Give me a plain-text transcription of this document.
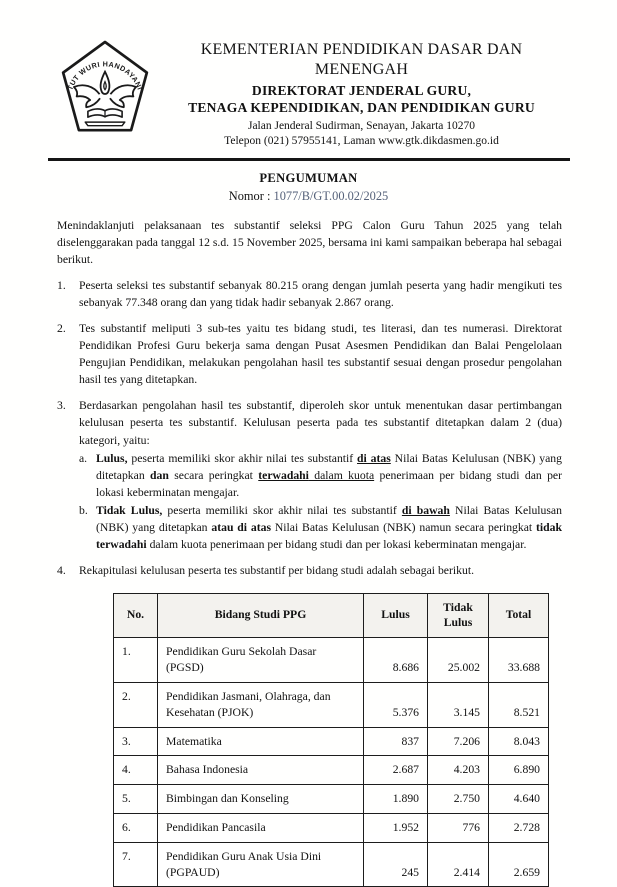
TUT WURI HANDAYANI
KEMENTERIAN PENDIDIKAN DASAR DAN
MENENGAH
DIREKTORAT JENDERAL GURU,
TENAGA KEPENDIDIKAN, DAN PENDIDIKAN GURU
Jalan Jenderal Sudirman, Senayan, Jakarta 10270
Telepon (021) 57955141, Laman www.gtk.dikdasmen.go.id
PENGUMUMAN
Nomor : 1077/B/GT.00.02/2025

Menindaklanjuti pelaksanaan tes substantif seleksi PPG Calon Guru Tahun 2025 yang telah diselenggarakan pada tanggal 12 s.d. 15 November 2025, bersama ini kami sampaikan beberapa hal sebagai berikut.

1.	Peserta seleksi tes substantif sebanyak 80.215 orang dengan jumlah peserta yang hadir mengikuti tes sebanyak 77.348 orang dan yang tidak hadir sebanyak 2.867 orang.
2.	Tes substantif meliputi 3 sub-tes yaitu tes bidang studi, tes literasi, dan tes numerasi. Direktorat Pendidikan Profesi Guru bekerja sama dengan Pusat Asesmen Pendidikan dan Balai Pengelolaan Pengujian Pendidikan, melakukan pengolahan hasil tes substantif sesuai dengan prosedur pengolahan hasil tes yang ditetapkan.
3.	Berdasarkan pengolahan hasil tes substantif, diperoleh skor untuk menentukan dasar pertimbangan kelulusan peserta tes substantif. Kelulusan peserta pada tes substantif ditetapkan dalam 2 (dua) kategori, yaitu:
a. Lulus, peserta memiliki skor akhir nilai tes substantif di atas Nilai Batas Kelulusan (NBK) yang ditetapkan dan secara peringkat terwadahi dalam kuota penerimaan per bidang studi dan per lokasi keberminatan mengajar.
b. Tidak Lulus, peserta memiliki skor akhir nilai tes substantif di bawah Nilai Batas Kelulusan (NBK) yang ditetapkan atau di atas Nilai Batas Kelulusan (NBK) namun secara peringkat tidak terwadahi dalam kuota penerimaan per bidang studi dan per lokasi keberminatan mengajar.
4.	Rekapitulasi kelulusan peserta tes substantif per bidang studi adalah sebagai berikut.
No.	Bidang Studi PPG	Lulus	Tidak Lulus	Total
1.	Pendidikan Guru Sekolah Dasar (PGSD)	8.686	25.002	33.688
2.	Pendidikan Jasmani, Olahraga, dan Kesehatan (PJOK)	5.376	3.145	8.521
3.	Matematika	837	7.206	8.043
4.	Bahasa Indonesia	2.687	4.203	6.890
5.	Bimbingan dan Konseling	1.890	2.750	4.640
6.	Pendidikan Pancasila	1.952	776	2.728
7.	Pendidikan Guru Anak Usia Dini (PGPAUD)	245	2.414	2.659
